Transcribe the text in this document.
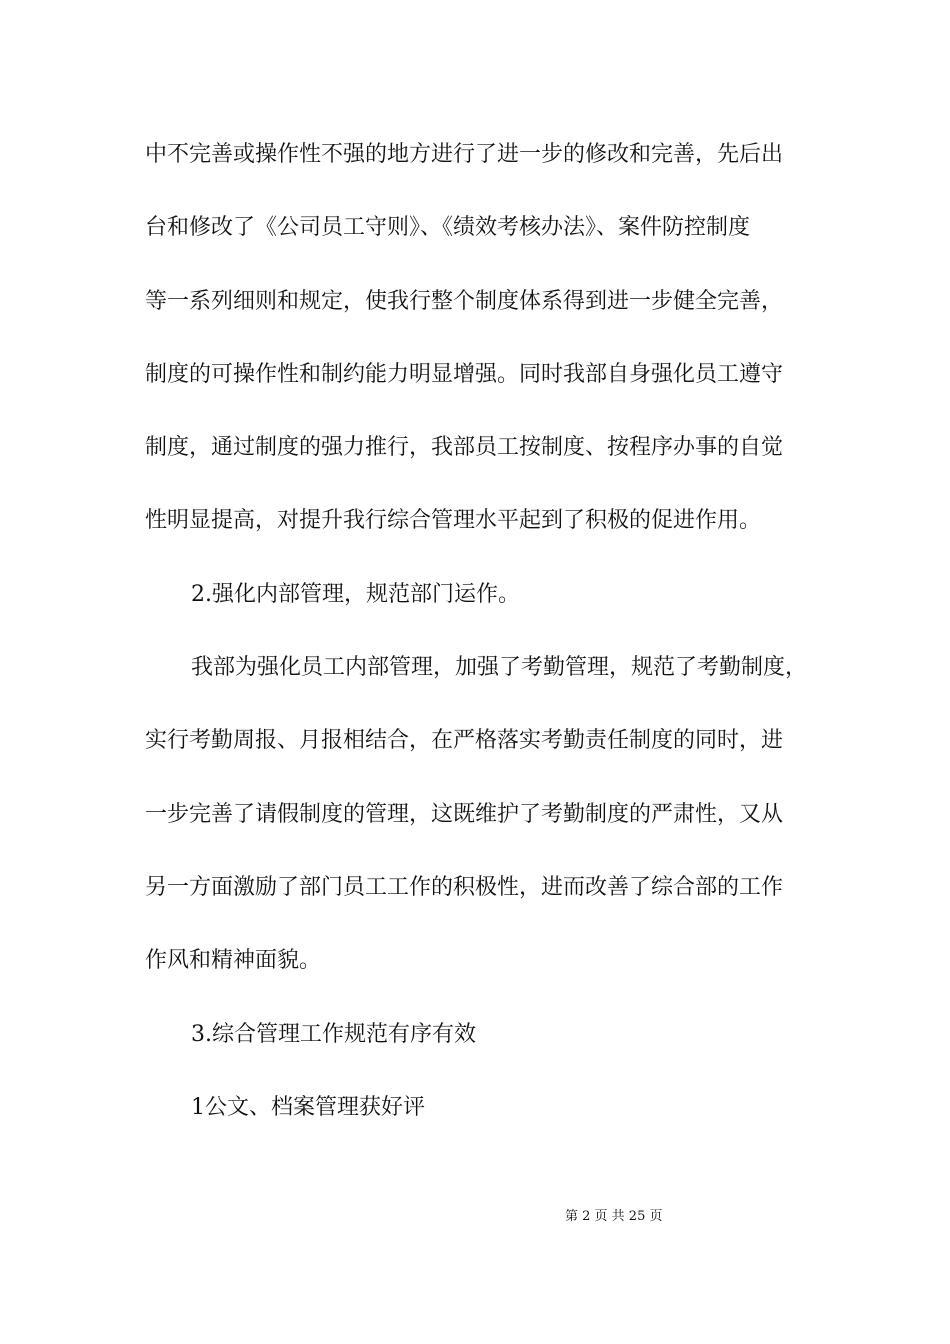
中不完善或操作性不强的地方进行了进一步的修改和完善，先后出
台和修改了《公司员工守则》、《绩效考核办法》、案件防控制度
等一系列细则和规定，使我行整个制度体系得到进一步健全完善，
制度的可操作性和制约能力明显增强。同时我部自身强化员工遵守
制度，通过制度的强力推行，我部员工按制度、按程序办事的自觉
性明显提高，对提升我行综合管理水平起到了积极的促进作用。
2.强化内部管理，规范部门运作。
我部为强化员工内部管理，加强了考勤管理，规范了考勤制度，
实行考勤周报、月报相结合，在严格落实考勤责任制度的同时，进
一步完善了请假制度的管理，这既维护了考勤制度的严肃性，又从
另一方面激励了部门员工工作的积极性，进而改善了综合部的工作
作风和精神面貌。
3.综合管理工作规范有序有效
1公文、档案管理获好评
第 2 页 共 25 页
